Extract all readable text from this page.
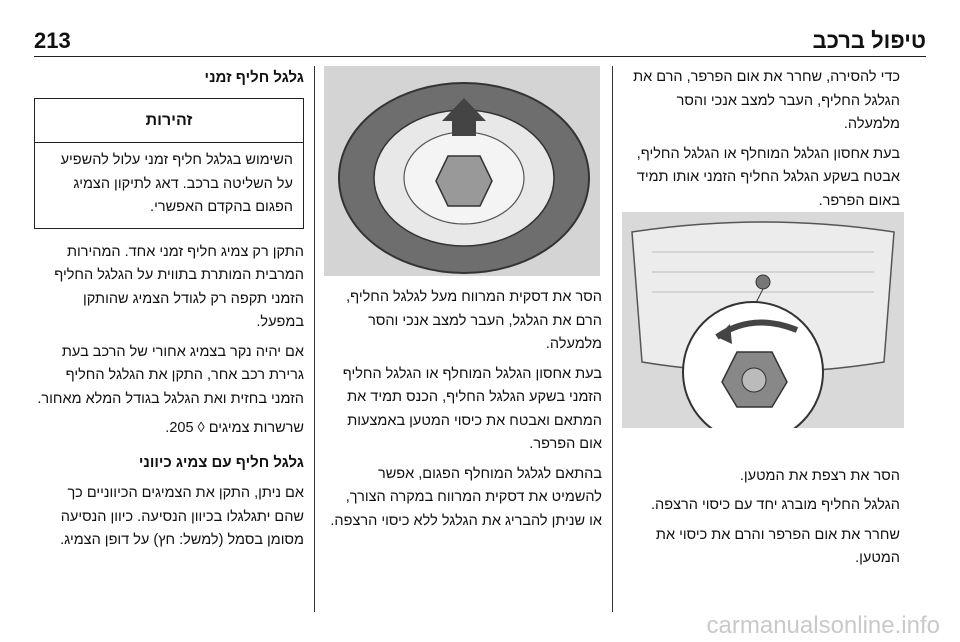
213	טיפול ברכב

כדי להסירה, שחרר את אום הפרפר, הרם את הגלגל החליף, העבר למצב אנכי והסר מלמעלה.

בעת אחסון הגלגל המוחלף או הגלגל החליף, אבטח בשקע הגלגל החליף הזמני אותו תמיד באום הפרפר.

הסר את רצפת את המטען.

הגלגל החליף מוברג יחד עם כיסוי הרצפה.

שחרר את אום הפרפר והרם את כיסוי את המטען.

הסר את דסקית המרווח מעל לגלגל החליף, הרם את הגלגל, העבר למצב אנכי והסר מלמעלה.

בעת אחסון הגלגל המוחלף או הגלגל החליף הזמני בשקע הגלגל החליף, הכנס תמיד את המתאם ואבטח את כיסוי המטען באמצעות אום הפרפר.

בהתאם לגלגל המוחלף הפגום, אפשר להשמיט את דסקית המרווח במקרה הצורך, או שניתן להבריג את הגלגל ללא כיסוי הרצפה.

גלגל חליף זמני
זהירות
השימוש בגלגל חליף זמני עלול להשפיע על השליטה ברכב. דאג לתיקון הצמיג הפגום בהקדם האפשרי.

התקן רק צמיג חליף זמני אחד. המהירות המרבית המותרת בתווית על הגלגל החליף הזמני תקפה רק לגודל הצמיג שהותקן במפעל.

אם יהיה נקר בצמיג אחורי של הרכב בעת גרירת רכב אחר, התקן את הגלגל החליף הזמני בחזית ואת הגלגל בגודל המלא מאחור.

שרשרות צמיגים ◊ 205.

גלגל חליף עם צמיג כיווני

אם ניתן, התקן את הצמיגים הכיווניים כך שהם יתגלגלו בכיוון הנסיעה. כיוון הנסיעה מסומן בסמל (למשל: חץ) על דופן הצמיג.

carmanualsonline.info
